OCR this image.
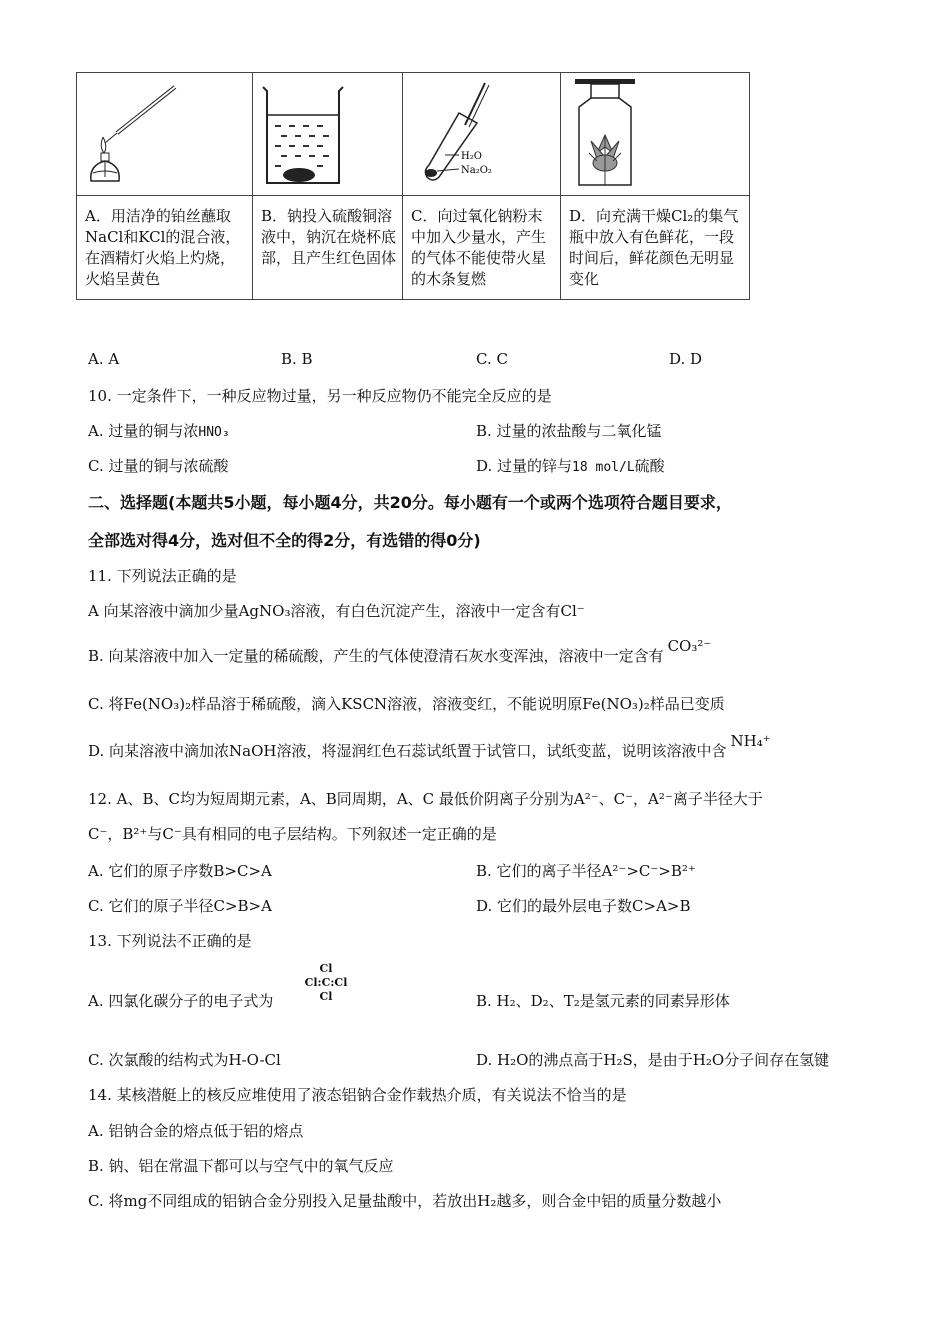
H₂O
Na₂O₂

A．用洁净的铂丝蘸取NaCl和KCl的混合液，在酒精灯火焰上灼烧，火焰呈黄色	B．钠投入硫酸铜溶液中，钠沉在烧杯底部，且产生红色固体	C．向过氧化钠粉末中加入少量水，产生的气体不能使带火星的木条复燃	D．向充满干燥Cl₂的集气瓶中放入有色鲜花，一段时间后，鲜花颜色无明显变化
A. A	B. B	C. C	D. D
10. 一定条件下，一种反应物过量，另一种反应物仍不能完全反应的是
A. 过量的铜与浓HNO₃	B. 过量的浓盐酸与二氧化锰
C. 过量的铜与浓硫酸	D. 过量的锌与18 mol/L硫酸
二、选择题(本题共5小题，每小题4分，共20分。每小题有一个或两个选项符合题目要求，
全部选对得4分，选对但不全的得2分，有选错的得0分)
11. 下列说法正确的是
A 向某溶液中滴加少量AgNO₃溶液，有白色沉淀产生，溶液中一定含有Cl⁻
B. 向某溶液中加入一定量的稀硫酸，产生的气体使澄清石灰水变浑浊，溶液中一定含有CO₃²⁻
C. 将Fe(NO₃)₂样品溶于稀硫酸，滴入KSCN溶液，溶液变红，不能说明原Fe(NO₃)₂样品已变质
D. 向某溶液中滴加浓NaOH溶液，将湿润红色石蕊试纸置于试管口，试纸变蓝，说明该溶液中含NH₄⁺
12. A、B、C均为短周期元素，A、B同周期，A、C 最低价阴离子分别为A²⁻、C⁻，A²⁻离子半径大于
C⁻，B²⁺与C⁻具有相同的电子层结构。下列叙述一定正确的是
A. 它们的原子序数B>C>A	B. 它们的离子半径A²⁻>C⁻>B²⁺
C. 它们的原子半径C>B>A	D. 它们的最外层电子数C>A>B
13. 下列说法不正确的是
A. 四氯化碳分子的电子式为
Cl
Cl:C:Cl
Cl	B. H₂、D₂、T₂是氢元素的同素异形体
C. 次氯酸的结构式为H-O-Cl	D. H₂O的沸点高于H₂S，是由于H₂O分子间存在氢键
14. 某核潜艇上的核反应堆使用了液态铝钠合金作载热介质，有关说法不恰当的是
A. 铝钠合金的熔点低于铝的熔点
B. 钠、铝在常温下都可以与空气中的氧气反应
C. 将mg不同组成的铝钠合金分别投入足量盐酸中，若放出H₂越多，则合金中铝的质量分数越小
